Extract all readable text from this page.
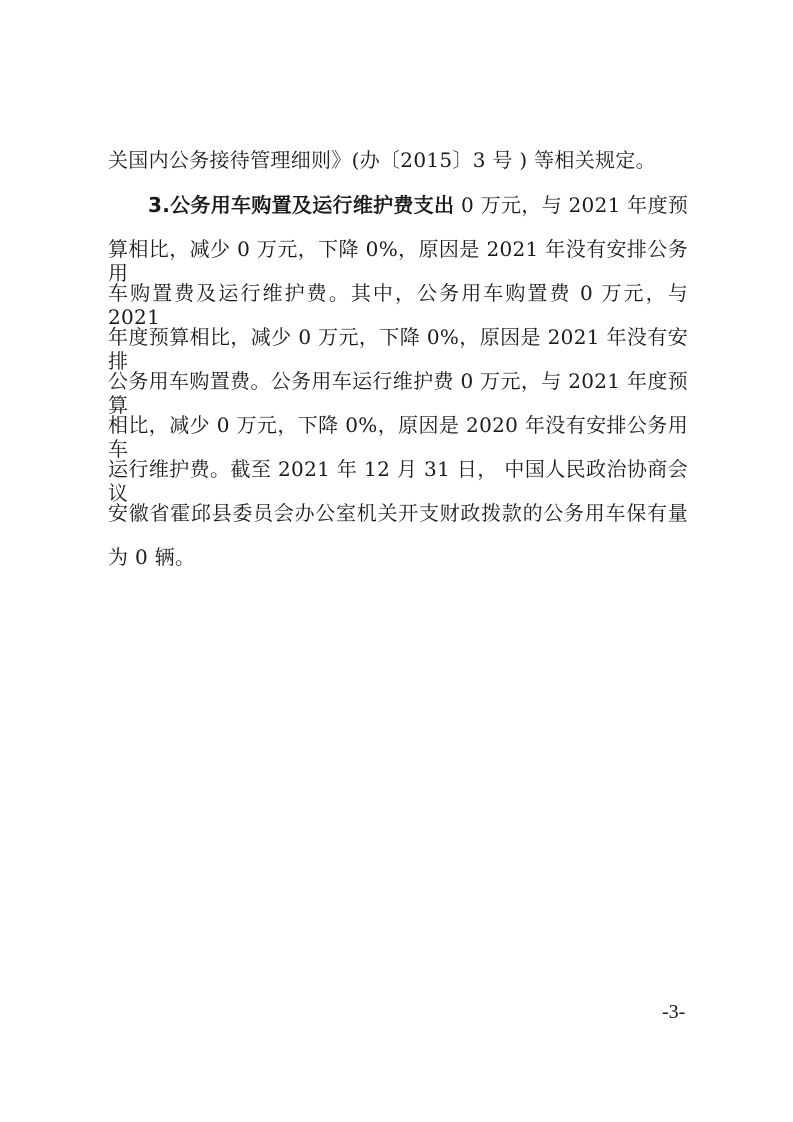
关国内公务接待管理细则》(办〔2015〕3 号 ) 等相关规定。
3.公务用车购置及运行维护费支出 0 万元，与 2021 年度预
算相比，减少 0 万元，下降 0%，原因是 2021 年没有安排公务用
车购置费及运行维护费。其中，公务用车购置费 0 万元，与 2021
年度预算相比，减少 0 万元，下降 0%，原因是 2021 年没有安排
公务用车购置费。公务用车运行维护费 0 万元，与 2021 年度预算
相比，减少 0 万元，下降 0%，原因是 2020 年没有安排公务用车
运行维护费。截至 2021 年 12 月 31 日， 中国人民政治协商会议
安徽省霍邱县委员会办公室机关开支财政拨款的公务用车保有量
为 0 辆。
-3-
